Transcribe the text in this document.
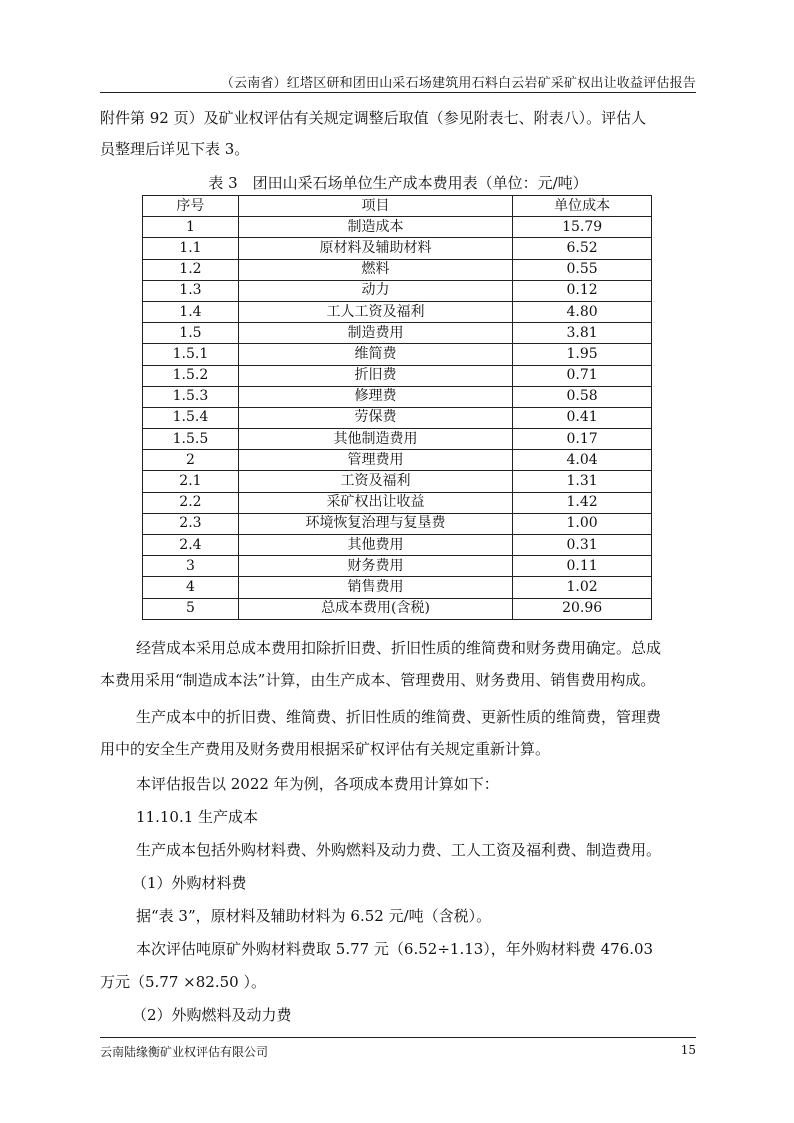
（云南省）红塔区研和团田山采石场建筑用石料白云岩矿采矿权出让收益评估报告
附件第 92 页）及矿业权评估有关规定调整后取值（参见附表七、附表八）。评估人
员整理后详见下表 3。
表 3　团田山采石场单位生产成本费用表（单位：元/吨）
序号	项目	单位成本
1	制造成本	15.79
1.1	原材料及辅助材料	6.52
1.2	燃料	0.55
1.3	动力	0.12
1.4	工人工资及福利	4.80
1.5	制造费用	3.81
1.5.1	维简费	1.95
1.5.2	折旧费	0.71
1.5.3	修理费	0.58
1.5.4	劳保费	0.41
1.5.5	其他制造费用	0.17
2	管理费用	4.04
2.1	工资及福利	1.31
2.2	采矿权出让收益	1.42
2.3	环境恢复治理与复垦费	1.00
2.4	其他费用	0.31
3	财务费用	0.11
4	销售费用	1.02
5	总成本费用(含税)	20.96
经营成本采用总成本费用扣除折旧费、折旧性质的维简费和财务费用确定。总成
本费用采用“制造成本法”计算，由生产成本、管理费用、财务费用、销售费用构成。
生产成本中的折旧费、维简费、折旧性质的维简费、更新性质的维简费，管理费
用中的安全生产费用及财务费用根据采矿权评估有关规定重新计算。
本评估报告以 2022 年为例，各项成本费用计算如下：
11.10.1 生产成本
生产成本包括外购材料费、外购燃料及动力费、工人工资及福利费、制造费用。
（1）外购材料费
据“表 3”，原材料及辅助材料为 6.52 元/吨（含税）。
本次评估吨原矿外购材料费取 5.77 元（6.52÷1.13），年外购材料费 476.03
万元（5.77 ×82.50 ）。
（2）外购燃料及动力费
云南陆缘衡矿业权评估有限公司	15
